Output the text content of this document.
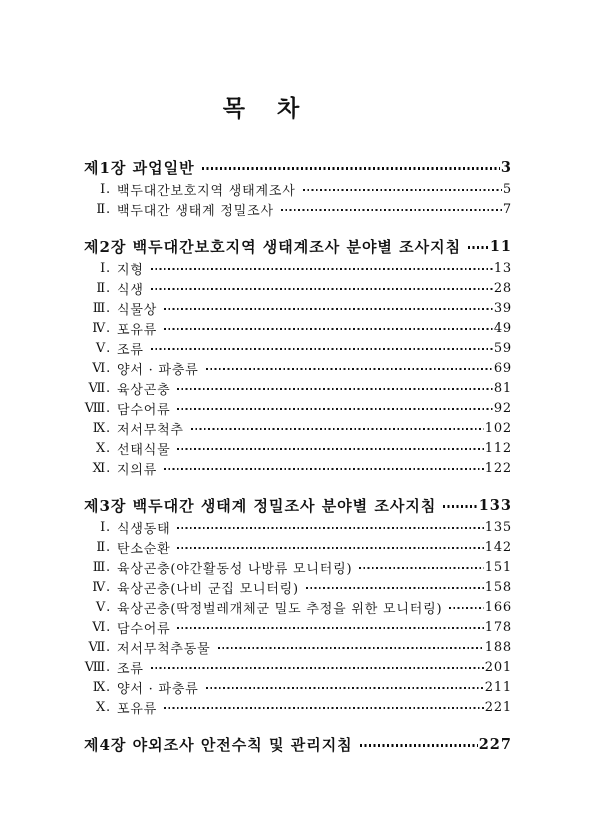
목   차
제1장 과업일반	3
Ⅰ. 백두대간보호지역 생태계조사	5
Ⅱ. 백두대간 생태계 정밀조사	7
제2장 백두대간보호지역 생태계조사 분야별 조사지침 11
Ⅰ. 지형	13
Ⅱ. 식생	28
Ⅲ. 식물상	39
Ⅳ. 포유류	49
Ⅴ. 조류	59
Ⅵ. 양서 · 파충류	69
Ⅶ. 육상곤충	81
Ⅷ. 담수어류	92
Ⅸ. 저서무척추	102
Ⅹ. 선태식물	112
Ⅺ. 지의류	122
제3장 백두대간 생태계 정밀조사 분야별 조사지침	133
Ⅰ. 식생동태	135
Ⅱ. 탄소순환	142
Ⅲ. 육상곤충(야간활동성 나방류 모니터링)	151
Ⅳ. 육상곤충(나비 군집 모니터링)	158
Ⅴ. 육상곤충(딱정벌레개체군 밀도 추정을 위한 모니터링)	166
Ⅵ. 담수어류	178
Ⅶ. 저서무척추동물	188
Ⅷ. 조류	201
Ⅸ. 양서 · 파충류	211
Ⅹ. 포유류	221
제4장 야외조사 안전수칙 및 관리지침	227
